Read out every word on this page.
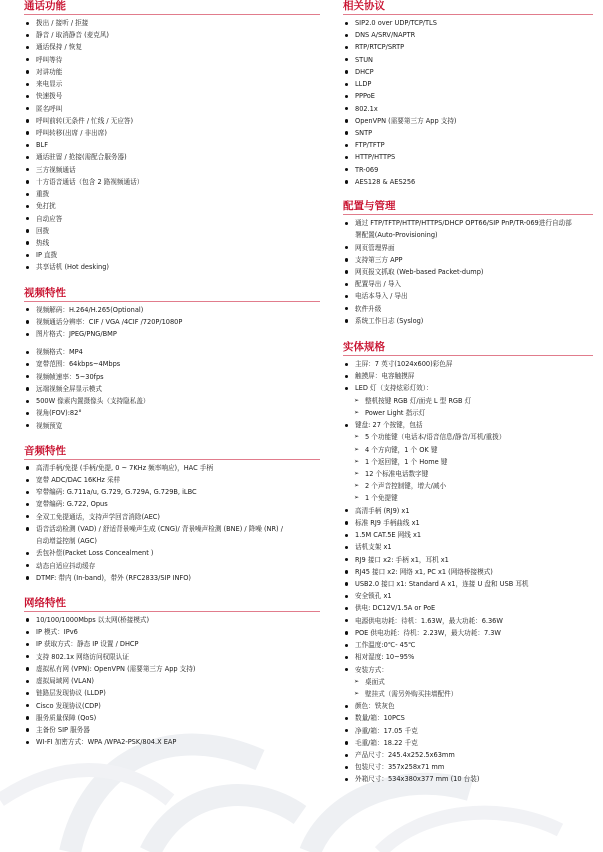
通话功能
拨出 / 接听 / 拒接
静音 / 取消静音 (麦克风)
通话保持 / 恢复
呼叫等待
对讲功能
来电显示
快速拨号
匿名呼叫
呼叫前转(无条件 / 忙线 / 无应答)
呼叫转移(出席 / 非出席)
BLF
通话驻留 / 抢接(需配合服务器)
三方视频通话
十方语音通话（包含 2 路视频通话）
重拨
免打扰
自动应答
回拨
热线
IP 直拨
共享话机 (Hot desking)
视频特性
视频解码：H.264/H.265(Optional)
视频通话分辨率：CIF / VGA /4CIF /720P/1080P
图片格式：JPEG/PNG/BMP
视频格式：MP4
宽带范围：64kbps~4Mbps
视频帧速率：5~30fps
远端视频全屏显示模式
500W 像素内置摄像头（支持隐私盖）
视角(FOV):82°
视频预览
音频特性
高清手柄/免提 (手柄/免提, 0 ~ 7KHz 频率响应)，HAC 手柄
宽带 ADC/DAC 16KHz 采样
窄带编码: G.711a/u, G.729, G.729A, G.729B, iLBC
宽带编码: G.722, Opus
全双工免提通话，支持声学回音消除(AEC)
语音活动检测 (VAD) / 舒适背景噪声生成 (CNG)/ 背景噪声检测 (BNE) / 降噪 (NR) / 自动增益控制 (AGC)
丢包补偿(Packet Loss Concealment )
动态自适应抖动缓存
DTMF: 带内 (In-band)，带外 (RFC2833/SIP INFO)
网络特性
10/100/1000Mbps 以太网(桥接模式)
IP 模式：IPv6
IP 获取方式：静态 IP 设置 / DHCP
支持 802.1x 网络访问权限认证
虚拟私有网 (VPN): OpenVPN (需要第三方 App 支持)
虚拟局域网 (VLAN)
链路层发现协议 (LLDP)
Cisco 发现协议(CDP)
服务质量保障 (QoS)
主备份 SIP 服务器
WI-FI 加密方式：WPA /WPA2-PSK/804.X EAP
相关协议
SIP2.0 over UDP/TCP/TLS
DNS A/SRV/NAPTR
RTP/RTCP/SRTP
STUN
DHCP
LLDP
PPPoE
802.1x
OpenVPN (需要第三方 App 支持)
SNTP
FTP/TFTP
HTTP/HTTPS
TR-069
AES128 & AES256
配置与管理
通过 FTP/TFTP/HTTP/HTTPS/DHCP OPT66/SIP PnP/TR-069进行自动部署配置(Auto-Provisioning)
网页管理界面
支持第三方 APP
网页报文抓取 (Web-based Packet-dump)
配置导出 / 导入
电话本导入 / 导出
软件升级
系统工作日志 (Syslog)
实体规格
主屏：7 英寸(1024x600)彩色屏
触摸屏：电容触摸屏
LED 灯（支持炫彩灯效）：
➢ 整机按键 RGB 灯/面壳 L 型 RGB 灯
➢ Power Light 指示灯
键盘: 27 个按键，包括
➢ 5 个功能键（电话本/语音信息/静音/耳机/重拨）
➢ 4 个方向键，1 个 OK 键
➢ 1 个返回键，1 个 Home 键
➢ 12 个标准电话数字键
➢ 2 个声音控制键，增大/减小
➢ 1 个免提键
高清手柄 (RJ9) x1
标准 RJ9 手柄曲线 x1
1.5M CAT.5E 网线 x1
话机支架 x1
RJ9 接口 x2: 手柄 x1，耳机 x1
RJ45 接口 x2: 网络 x1, PC x1 (网络桥接模式)
USB2.0 接口 x1: Standard A x1，连接 U 盘和 USB 耳机
安全锁孔 x1
供电: DC12V/1.5A or PoE
电源供电功耗：待机：1.63W，最大功耗：6.36W
POE 供电功耗：待机：2.23W，最大功耗：7.3W
工作温度:0℃- 45℃
相对湿度: 10~95%
安装方式：
➢ 桌面式
➢ 壁挂式（需另外购买挂墙配件）
颜色：铁灰色
数量/箱：10PCS
净重/箱：17.05 千克
毛重/箱：18.22 千克
产品尺寸：245.4x252.5x63mm
包装尺寸：357x258x71 mm
外箱尺寸：534x380x377 mm (10 台装)
